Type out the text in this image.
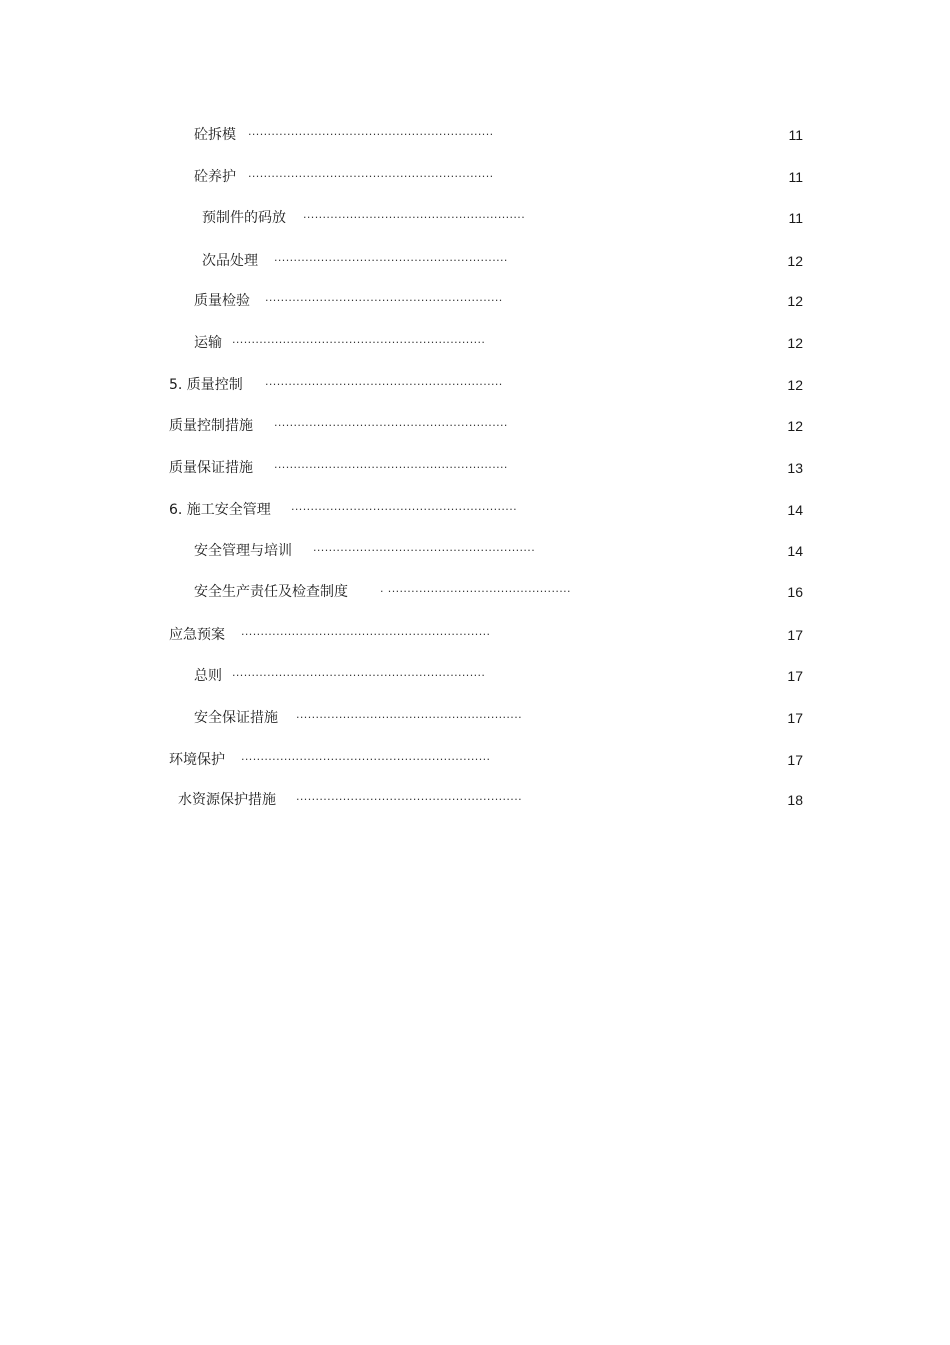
砼拆模 ...............................................................	11
砼养护 ...............................................................	11
预制件的码放 .........................................................	11
次品处理 ............................................................	12
质量检验 .............................................................	12
运输 .................................................................	12
5. 质量控制 .............................................................	12
质量控制措施 ............................................................	12
质量保证措施 ............................................................	13
6. 施工安全管理 ..........................................................	14
安全管理与培训 .........................................................	14
安全生产责任及检查制度	. ...............................................	16
应急预案 ................................................................	17
总则 .................................................................	17
安全保证措施 ..........................................................	17
环境保护 ................................................................	17
水资源保护措施 ..........................................................	18
